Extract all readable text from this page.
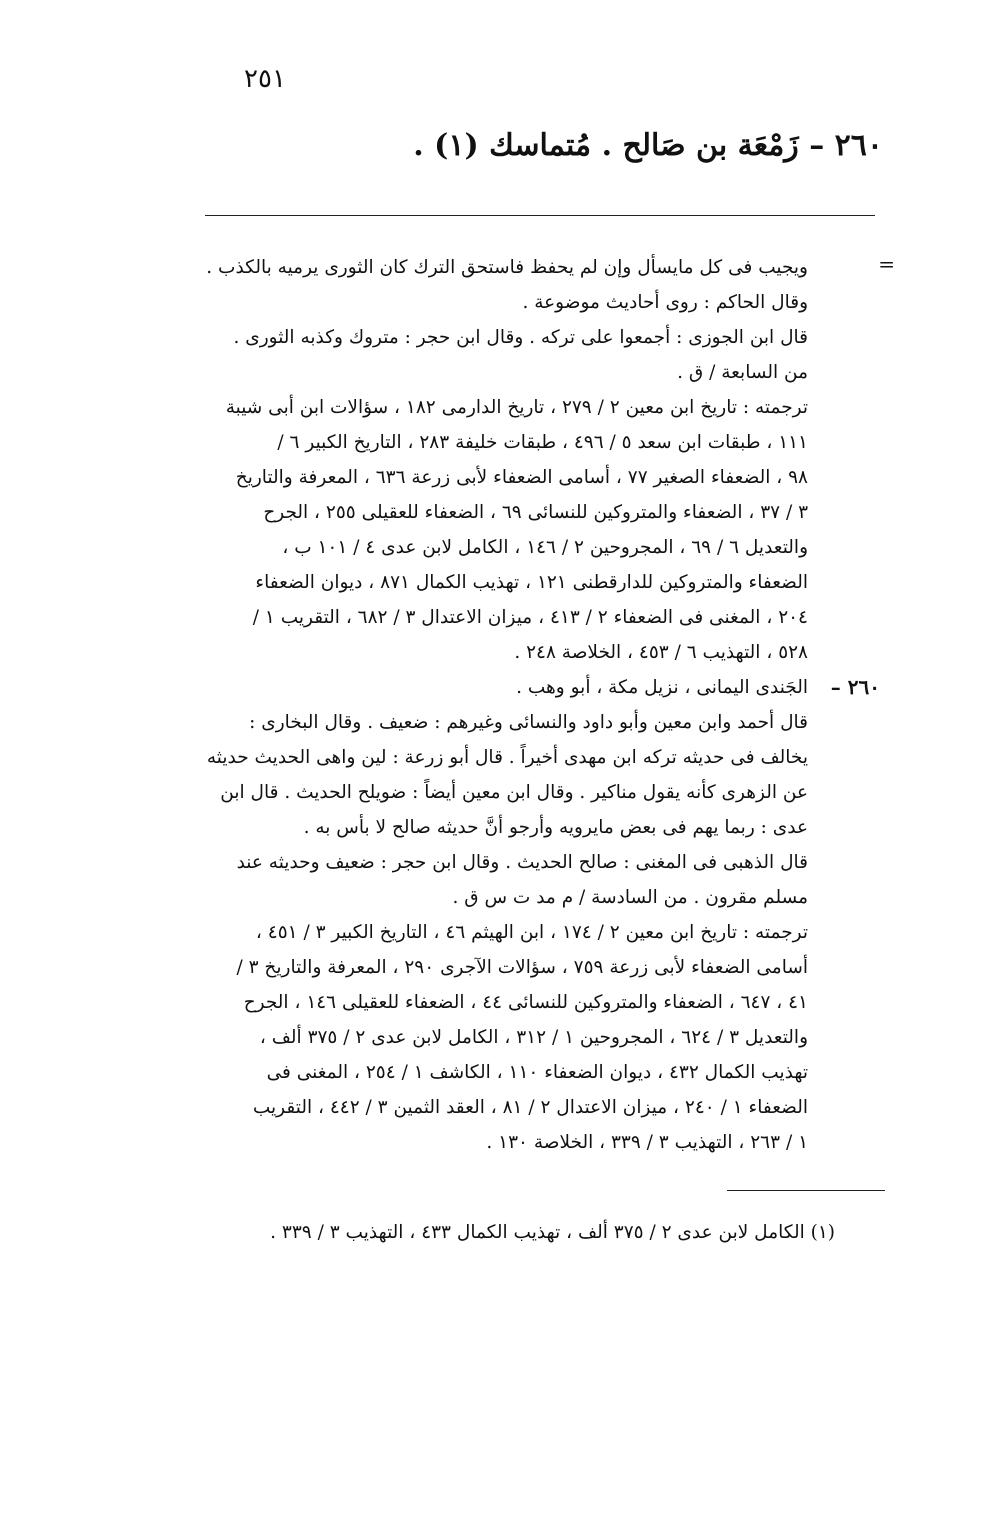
٢٥١
٢٦٠ – زَمْعَة بن صَالح . مُتماسك (١) .
=
ويجيب فى كل مايسأل وإن لم يحفظ فاستحق الترك كان الثورى يرميه بالكذب .
وقال الحاكم : روى أحاديث موضوعة .
قال ابن الجوزى : أجمعوا على تركه . وقال ابن حجر : متروك وكذبه الثورى .
من السابعة / ق .
ترجمته : تاريخ ابن معين ٢ / ٢٧٩ ، تاريخ الدارمى ١٨٢ ، سؤالات ابن أبى شيبة
١١١ ، طبقات ابن سعد ٥ / ٤٩٦ ، طبقات خليفة ٢٨٣ ، التاريخ الكبير ٦ /
٩٨ ، الضعفاء الصغير ٧٧ ، أسامى الضعفاء لأبى زرعة ٦٣٦ ، المعرفة والتاريخ
٣ / ٣٧ ، الضعفاء والمتروكين للنسائى ٦٩ ، الضعفاء للعقيلى ٢٥٥ ، الجرح
والتعديل ٦ / ٦٩ ، المجروحين ٢ / ١٤٦ ، الكامل لابن عدى ٤ / ١٠١ ب ،
الضعفاء والمتروكين للدارقطنى ١٢١ ، تهذيب الكمال ٨٧١ ، ديوان الضعفاء
٢٠٤ ، المغنى فى الضعفاء ٢ / ٤١٣ ، ميزان الاعتدال ٣ / ٦٨٢ ، التقريب ١ /
٥٢٨ ، التهذيب ٦ / ٤٥٣ ، الخلاصة ٢٤٨ .
٢٦٠ –
الجَندى اليمانى ، نزيل مكة ، أبو وهب .
قال أحمد وابن معين وأبو داود والنسائى وغيرهم : ضعيف . وقال البخارى :
يخالف فى حديثه تركه ابن مهدى أخيراً . قال أبو زرعة : لين واهى الحديث حديثه
عن الزهرى كأنه يقول مناكير . وقال ابن معين أيضاً : ضويلح الحديث . قال ابن
عدى : ربما يهم فى بعض مايرويه وأرجو أنَّ حديثه صالح لا بأس به .
قال الذهبى فى المغنى : صالح الحديث . وقال ابن حجر : ضعيف وحديثه عند
مسلم مقرون . من السادسة / م مد ت س ق .
ترجمته : تاريخ ابن معين ٢ / ١٧٤ ، ابن الهيثم ٤٦ ، التاريخ الكبير ٣ / ٤٥١ ،
أسامى الضعفاء لأبى زرعة ٧٥٩ ، سؤالات الآجرى ٢٩٠ ، المعرفة والتاريخ ٣ /
٤١ ، ٦٤٧ ، الضعفاء والمتروكين للنسائى ٤٤ ، الضعفاء للعقيلى ١٤٦ ، الجرح
والتعديل ٣ / ٦٢٤ ، المجروحين ١ / ٣١٢ ، الكامل لابن عدى ٢ / ٣٧٥ ألف ،
تهذيب الكمال ٤٣٢ ، ديوان الضعفاء ١١٠ ، الكاشف ١ / ٢٥٤ ، المغنى فى
الضعفاء ١ / ٢٤٠ ، ميزان الاعتدال ٢ / ٨١ ، العقد الثمين ٣ / ٤٤٢ ، التقريب
١ / ٢٦٣ ، التهذيب ٣ / ٣٣٩ ، الخلاصة ١٣٠ .
(١) الكامل لابن عدى ٢ / ٣٧٥ ألف ، تهذيب الكمال ٤٣٣ ، التهذيب ٣ / ٣٣٩ .
